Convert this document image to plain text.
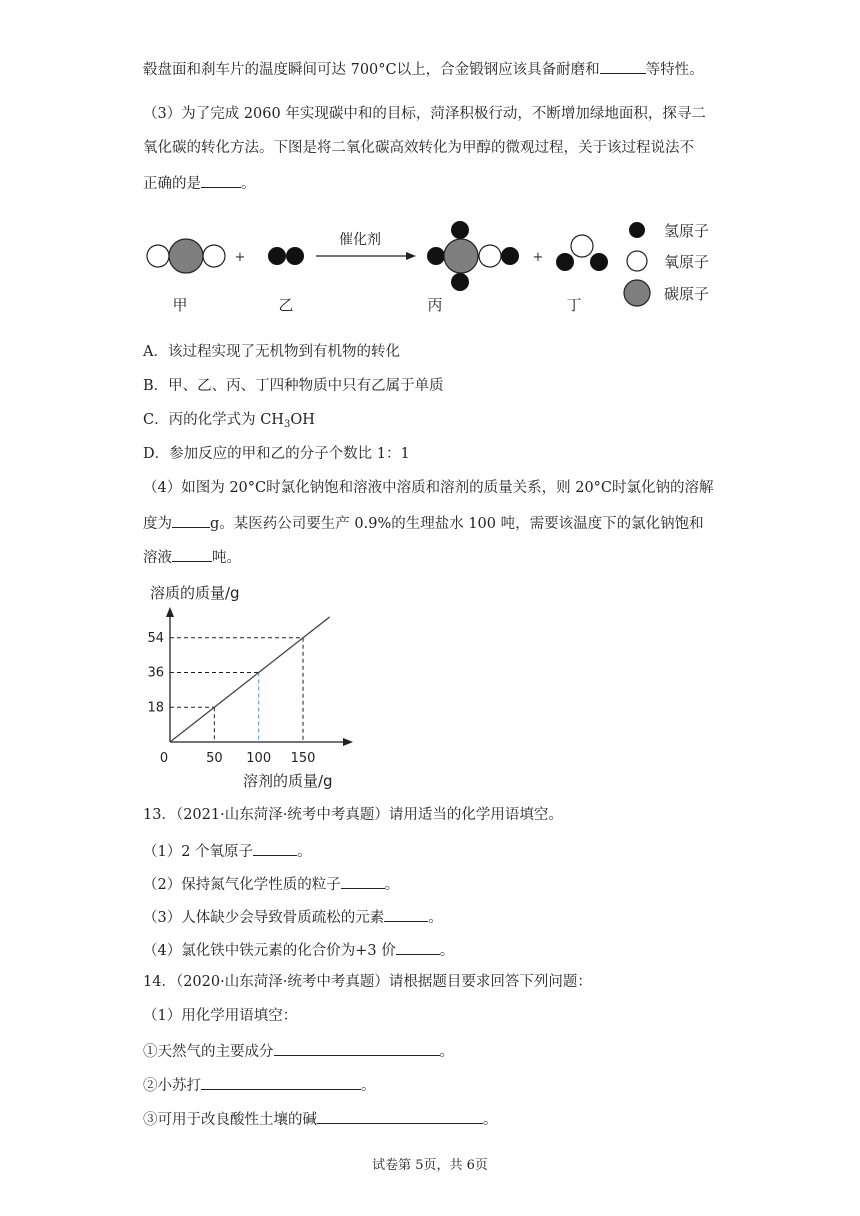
毂盘面和刹车片的温度瞬间可达 700°C以上，合金锻钢应该具备耐磨和	等特性。
（3）为了完成 2060 年实现碳中和的目标，菏泽积极行动，不断增加绿地面积，探寻二
氧化碳的转化方法。下图是将二氧化碳高效转化为甲醇的微观过程，关于该过程说法不
正确的是	。
+
催化剂
+
甲	乙	丙	丁
氢原子
氧原子
碳原子
A．该过程实现了无机物到有机物的转化
B．甲、乙、丙、丁四种物质中只有乙属于单质
C．丙的化学式为 $CH_3OH$
D．参加反应的甲和乙的分子个数比 1：1
（4）如图为 20°C时氯化钠饱和溶液中溶质和溶剂的质量关系，则 20°C时氯化钠的溶解
度为	g。某医药公司要生产 0.9%的生理盐水 100 吨，需要该温度下的氯化钠饱和
溶液	吨。
溶质的质量/g
溶剂的质量/g
0	50 100 150
18
36
54
13．（2021·山东菏泽·统考中考真题）请用适当的化学用语填空。
（1）2 个氧原子	。
（2）保持氮气化学性质的粒子	。
（3）人体缺少会导致骨质疏松的元素	。
（4）氯化铁中铁元素的化合价为+3 价	。
14．（2020·山东菏泽·统考中考真题）请根据题目要求回答下列问题：
（1）用化学用语填空：
①天然气的主要成分	。
②小苏打	。
③可用于改良酸性土壤的碱	。
试卷第 5页，共 6页
